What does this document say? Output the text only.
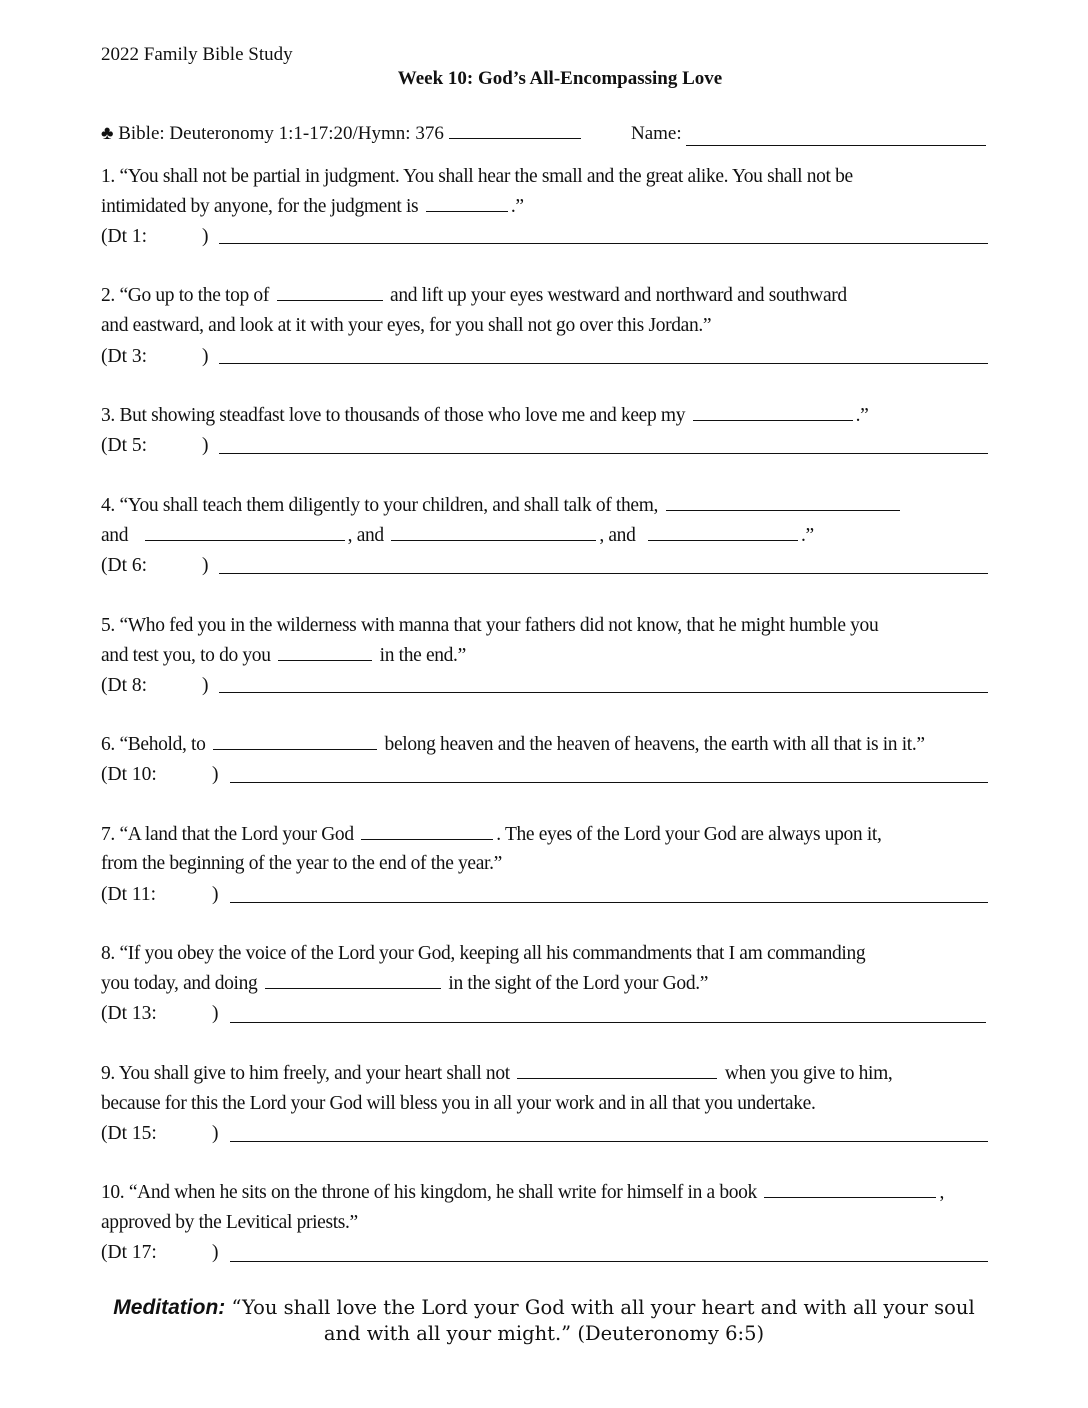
2022 Family Bible Study
Week 10: God’s All-Encompassing Love
♣ Bible: Deuteronomy 1:1-17:20/Hymn: 376	Name:
1. “You shall not be partial in judgment. You shall hear the small and the great alike. You shall not be
intimidated by anyone, for the judgment is	.”
(Dt 1:	)
2. “Go up to the top of	and lift up your eyes westward and northward and southward
and eastward, and look at it with your eyes, for you shall not go over this Jordan.”
(Dt 3:	)
3. But showing steadfast love to thousands of those who love me and keep my	.”
(Dt 5:	)
4. “You shall teach them diligently to your children, and shall talk of them,
and	, and	, and	.”
(Dt 6:	)
5. “Who fed you in the wilderness with manna that your fathers did not know, that he might humble you
and test you, to do you	in the end.”
(Dt 8:	)
6. “Behold, to	belong heaven and the heaven of heavens, the earth with all that is in it.”
(Dt 10:	)
7. “A land that the Lord your God	. The eyes of the Lord your God are always upon it,
from the beginning of the year to the end of the year.”
(Dt 11:	)
8. “If you obey the voice of the Lord your God, keeping all his commandments that I am commanding
you today, and doing	in the sight of the Lord your God.”
(Dt 13:	)
9. You shall give to him freely, and your heart shall not	when you give to him,
because for this the Lord your God will bless you in all your work and in all that you undertake.
(Dt 15:	)
10. “And when he sits on the throne of his kingdom, he shall write for himself in a book	,
approved by the Levitical priests.”
(Dt 17:	)
Meditation: “You shall love the Lord your God with all your heart and with all your soul
and with all your might.” (Deuteronomy 6:5)
